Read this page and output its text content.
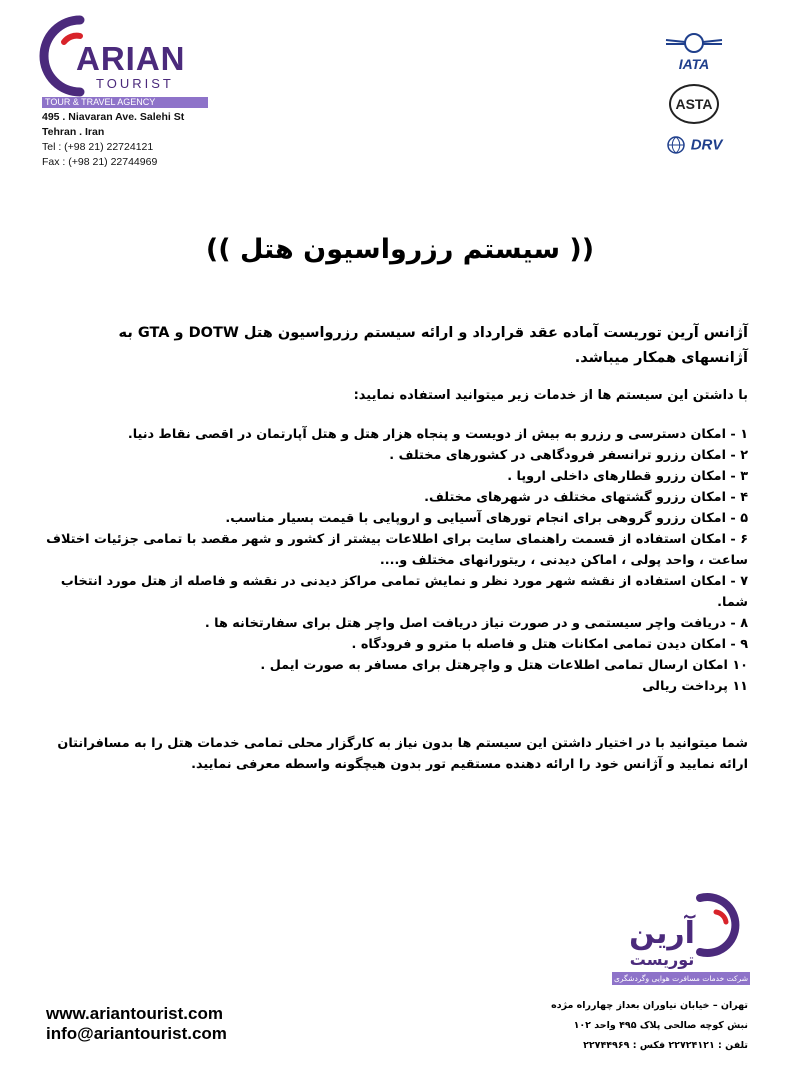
ARIAN
TOURIST
TOUR & TRAVEL AGENCY
495 . Niavaran Ave. Salehi St
Tehran . Iran
Tel : (+98 21) 22724121
Fax : (+98 21) 22744969
IATA
ASTA
DRV
(( سیستم رزرواسیون هتل ))
آژانس آرین توریست آماده عقد قرارداد و ارائه سیستم رزرواسیون هتل DOTW و GTA به آژانسهای همکار میباشد.
با داشتن این سیستم ها از خدمات زیر میتوانید استفاده نمایید:
۱ - امکان دسترسی و رزرو به بیش از دویست و پنجاه هزار هتل و هتل آپارتمان در اقصی نقاط دنیا.
۲ - امکان رزرو ترانسفر فرودگاهی در کشورهای مختلف .
۳ - امکان رزرو قطارهای داخلی اروپا .
۴ - امکان رزرو گشتهای مختلف در شهرهای مختلف.
۵ - امکان رزرو گروهی برای انجام تورهای آسیایی و اروپایی با قیمت بسیار مناسب.
۶ - امکان استفاده از قسمت راهنمای سایت برای اطلاعات بیشتر از کشور و شهر مقصد با تمامی جزئیات اختلاف ساعت ، واحد پولی ، اماکن دیدنی ، ریتورانهای مختلف و....
۷ - امکان استفاده از نقشه شهر مورد نظر و نمایش تمامی مراکز دیدنی در نقشه و فاصله از هتل مورد انتخاب شما.
۸ - دریافت واچر سیستمی و در صورت نیاز دریافت اصل واچر هتل برای سفارتخانه ها .
۹ - امکان دیدن تمامی امکانات هتل و فاصله با مترو و فرودگاه .
۱۰ امکان ارسال تمامی اطلاعات هتل و واچرهتل برای مسافر به صورت ایمل .
۱۱ پرداخت ریالی
شما میتوانید با در اختیار داشتن این سیستم ها بدون نیاز به کارگزار محلی تمامی خدمات هتل را به مسافرانتان ارائه نمایید و آژانس خود را ارائه دهنده مستقیم تور بدون هیچگونه واسطه معرفی نمایید.
www.ariantourist.com
info@ariantourist.com
آرین
توریست
شرکت خدمات مسافرت هوایی وگردشگری
تهران – خیابان نیاوران بعداز چهارراه مژده
نبش کوچه صالحی پلاک ۴۹۵ واحد ۱۰۲
تلفن : ۲۲۷۲۴۱۲۱ فکس : ۲۲۷۴۴۹۶۹
